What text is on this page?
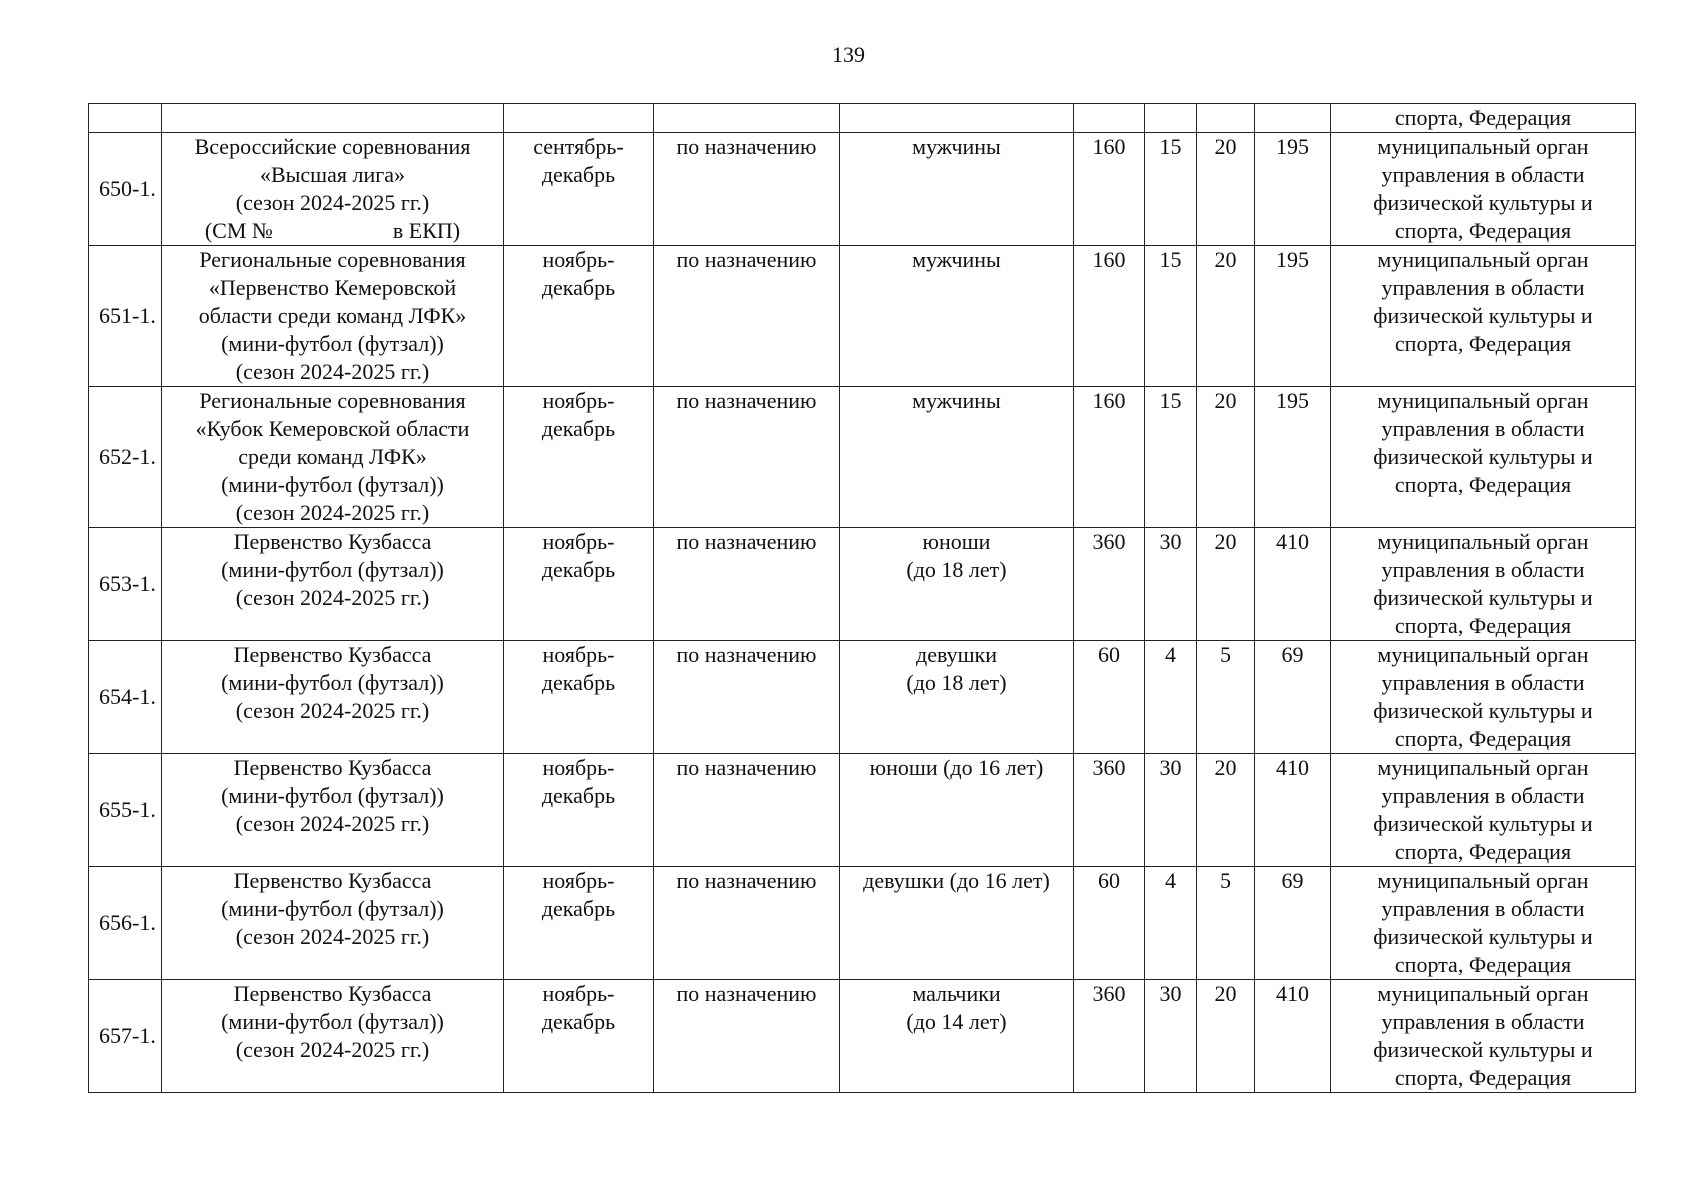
139

									спорта, Федерация

650-1.	Всероссийские соревнования
«Высшая лига»
(сезон 2024-2025 гг.)
(СМ № в ЕКП)	сентябрь-
декабрь	по назначению	мужчины	160	15	20	195	муниципальный орган
управления в области
физической культуры и
спорта, Федерация

651-1.	Региональные соревнования
«Первенство Кемеровской
области среди команд ЛФК»
(мини-футбол (футзал))
(сезон 2024-2025 гг.)	ноябрь-
декабрь	по назначению	мужчины	160	15	20	195	муниципальный орган
управления в области
физической культуры и
спорта, Федерация

652-1.	Региональные соревнования
«Кубок Кемеровской области
среди команд ЛФК»
(мини-футбол (футзал))
(сезон 2024-2025 гг.)	ноябрь-
декабрь	по назначению	мужчины	160	15	20	195	муниципальный орган
управления в области
физической культуры и
спорта, Федерация

653-1.	Первенство Кузбасса
(мини-футбол (футзал))
(сезон 2024-2025 гг.)	ноябрь-
декабрь	по назначению	юноши
(до 18 лет)	360	30	20	410	муниципальный орган
управления в области
физической культуры и
спорта, Федерация

654-1.	Первенство Кузбасса
(мини-футбол (футзал))
(сезон 2024-2025 гг.)	ноябрь-
декабрь	по назначению	девушки
(до 18 лет)	60	4	5	69	муниципальный орган
управления в области
физической культуры и
спорта, Федерация

655-1.	Первенство Кузбасса
(мини-футбол (футзал))
(сезон 2024-2025 гг.)	ноябрь-
декабрь	по назначению	юноши (до 16 лет)	360	30	20	410	муниципальный орган
управления в области
физической культуры и
спорта, Федерация

656-1.	Первенство Кузбасса
(мини-футбол (футзал))
(сезон 2024-2025 гг.)	ноябрь-
декабрь	по назначению	девушки (до 16 лет)	60	4	5	69	муниципальный орган
управления в области
физической культуры и
спорта, Федерация

657-1.	Первенство Кузбасса
(мини-футбол (футзал))
(сезон 2024-2025 гг.)	ноябрь-
декабрь	по назначению	мальчики
(до 14 лет)	360	30	20	410	муниципальный орган
управления в области
физической культуры и
спорта, Федерация
